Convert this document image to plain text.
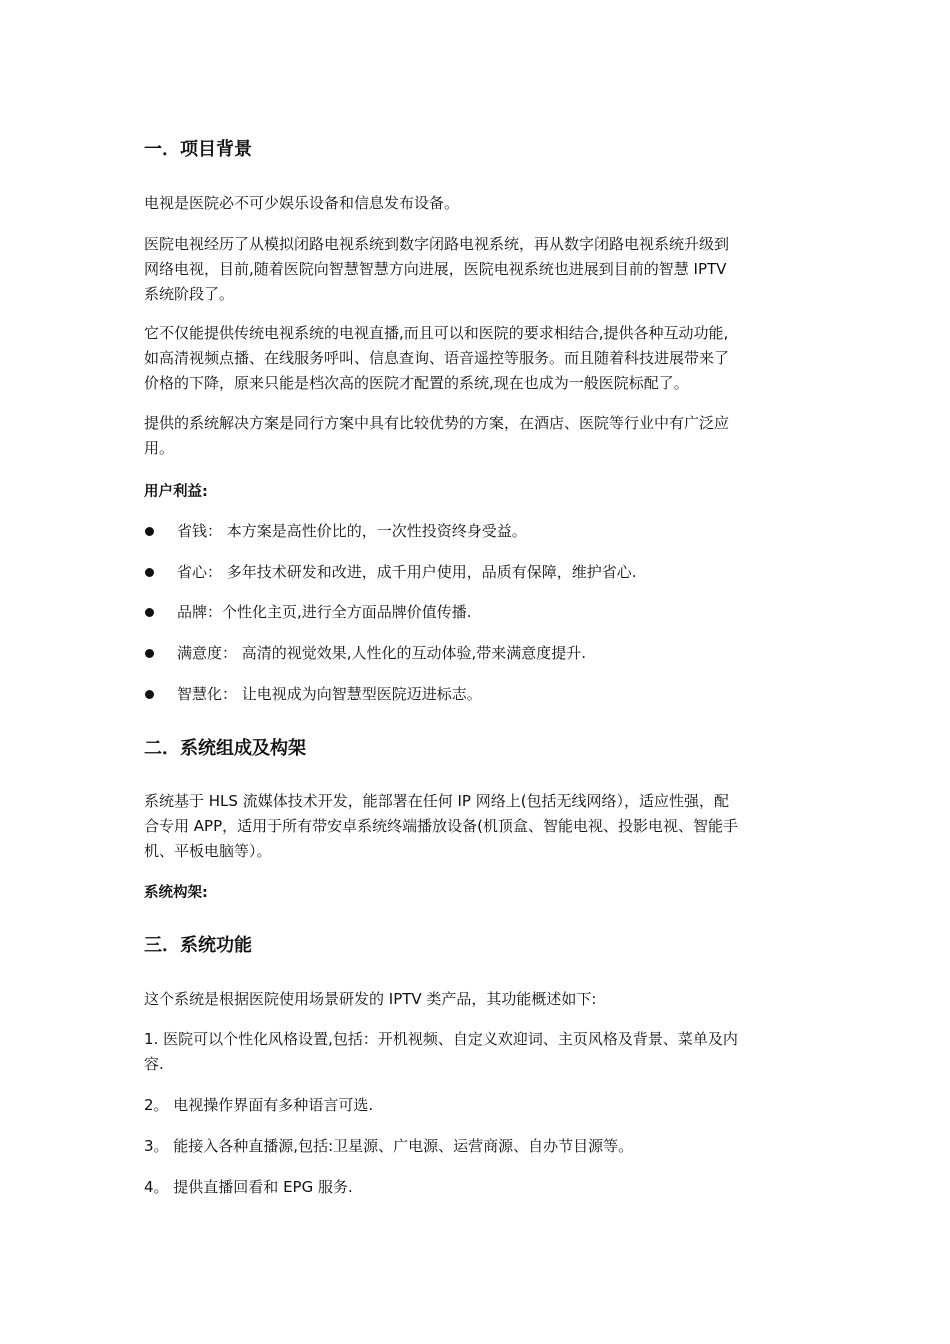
一．项目背景
电视是医院必不可少娱乐设备和信息发布设备。
医院电视经历了从模拟闭路电视系统到数字闭路电视系统，再从数字闭路电视系统升级到
网络电视，目前,随着医院向智慧智慧方向进展，医院电视系统也进展到目前的智慧 IPTV
系统阶段了。
它不仅能提供传统电视系统的电视直播,而且可以和医院的要求相结合,提供各种互动功能,
如高清视频点播、在线服务呼叫、信息查询、语音遥控等服务。而且随着科技进展带来了
价格的下降，原来只能是档次高的医院才配置的系统,现在也成为一般医院标配了。
提供的系统解决方案是同行方案中具有比较优势的方案，在酒店、医院等行业中有广泛应
用。
用户利益:
省钱： 本方案是高性价比的，一次性投资终身受益。
省心： 多年技术研发和改进，成千用户使用，品质有保障，维护省心.
品牌：个性化主页,进行全方面品牌价值传播.
满意度： 高清的视觉效果,人性化的互动体验,带来满意度提升.
智慧化： 让电视成为向智慧型医院迈进标志。
二．系统组成及构架
系统基于 HLS 流媒体技术开发，能部署在任何 IP 网络上(包括无线网络），适应性强，配
合专用 APP，适用于所有带安卓系统终端播放设备(机顶盒、智能电视、投影电视、智能手
机、平板电脑等）。
系统构架:
三．系统功能
这个系统是根据医院使用场景研发的 IPTV 类产品，其功能概述如下:
1. 医院可以个性化风格设置,包括：开机视频、自定义欢迎词、主页风格及背景、菜单及内
容.
2。 电视操作界面有多种语言可选.
3。 能接入各种直播源,包括:卫星源、广电源、运营商源、自办节目源等。
4。 提供直播回看和 EPG 服务.
